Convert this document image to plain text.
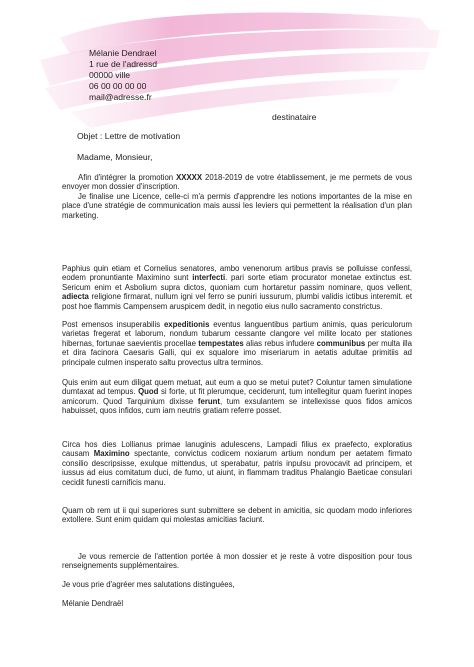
Mélanie Dendrael
1 rue de l'adressd
00000 ville
06 00 00 00 00
mail@adresse.fr
destinataire
Objet : Lettre de motivation
Madame, Monsieur,

Afin d'intégrer la promotion XXXXX 2018-2019 de votre établissement, je me permets de vous envoyer mon dossier d'inscription.

Je finalise une Licence, celle-ci m'a permis d'apprendre les notions importantes de la mise en place d'une stratégie de communication mais aussi les leviers qui permettent la réalisation d'un plan marketing.

Paphius quin etiam et Cornelius senatores, ambo venenorum artibus pravis se polluisse confessi, eodem pronuntiante Maximino sunt interfecti. pari sorte etiam procurator monetae extinctus est. Sericum enim et Asbolium supra dictos, quoniam cum hortaretur passim nominare, quos vellent, adiecta religione firmarat, nullum igni vel ferro se puniri iussurum, plumbi validis ictibus interemit. et post hoe flammis Campensem aruspicem dedit, in negotio eius nullo sacramento constrictus.

Post emensos insuperabilis expeditionis eventus languentibus partium animis, quas periculorum varietas fregerat et laborum, nondum tubarum cessante clangore vel milite locato per stationes hibernas, fortunae saevientis procellae tempestates alias rebus infudere communibus per multa illa et dira facinora Caesaris Galli, qui ex squalore imo miseriarum in aetatis adultae primitiis ad principale culmen insperato saltu provectus ultra terminos.

Quis enim aut eum diligat quem metuat, aut eum a quo se metui putet? Coluntur tamen simulatione dumtaxat ad tempus. Quod si forte, ut fit plerumque, ceciderunt, tum intellegitur quam fuerint inopes amicorum. Quod Tarquinium dixisse ferunt, tum exsulantem se intellexisse quos fidos amicos habuisset, quos infidos, cum iam neutris gratiam referre posset.

Circa hos dies Lollianus primae lanuginis adulescens, Lampadi filius ex praefecto, exploratius causam Maximino spectante, convictus codicem noxiarum artium nondum per aetatem firmato consilio descripsisse, exulque mittendus, ut sperabatur, patris inpulsu provocavit ad principem, et iussus ad eius comitatum duci, de fumo, ut aiunt, in flammam traditus Phalangio Baeticae consulari cecidit funesti carnificis manu.

Quam ob rem ut ii qui superiores sunt submittere se debent in amicitia, sic quodam modo inferiores extollere. Sunt enim quidam qui molestas amicitias faciunt.

Je vous remercie de l'attention portée à mon dossier et je reste à votre disposition pour tous renseignements supplémentaires.

Je vous prie d'agréer mes salutations distinguées,
Mélanie Dendraël
